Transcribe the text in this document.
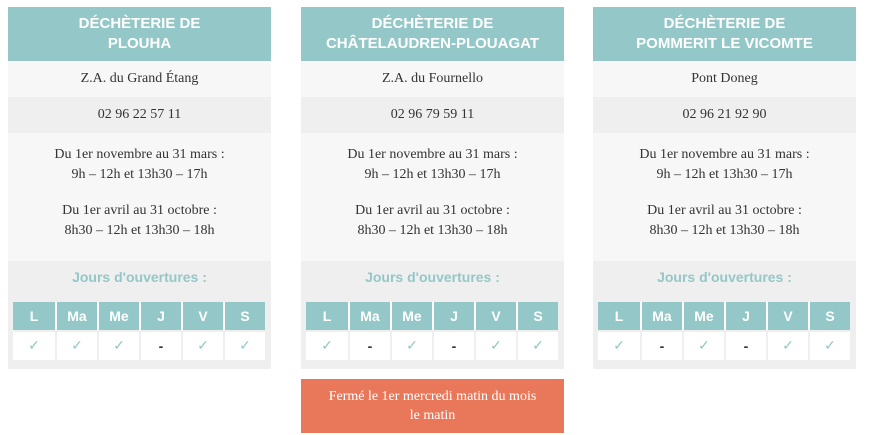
DÉCHÈTERIE DE
PLOUHA
Z.A. du Grand Étang
02 96 22 57 11

Du 1er novembre au 31 mars :

9h – 12h et 13h30 – 17h

Du 1er avril au 31 octobre :

8h30 – 12h et 13h30 – 18h

Jours d'ouvertures :
L
✓
Ma
✓
Me
✓
J
-
V
✓
S
✓
DÉCHÈTERIE DE
CHÂTELAUDREN-PLOUAGAT
Z.A. du Fournello
02 96 79 59 11

Du 1er novembre au 31 mars :

9h – 12h et 13h30 – 17h

Du 1er avril au 31 octobre :

8h30 – 12h et 13h30 – 18h

Jours d'ouvertures :
L
✓
Ma
-
Me
✓
J
-
V
✓
S
✓
Fermé le 1er mercredi matin du mois
le matin
DÉCHÈTERIE DE
POMMERIT LE VICOMTE
Pont Doneg
02 96 21 92 90

Du 1er novembre au 31 mars :

9h – 12h et 13h30 – 17h

Du 1er avril au 31 octobre :

8h30 – 12h et 13h30 – 18h

Jours d'ouvertures :
L
✓
Ma
-
Me
✓
J
-
V
✓
S
✓
